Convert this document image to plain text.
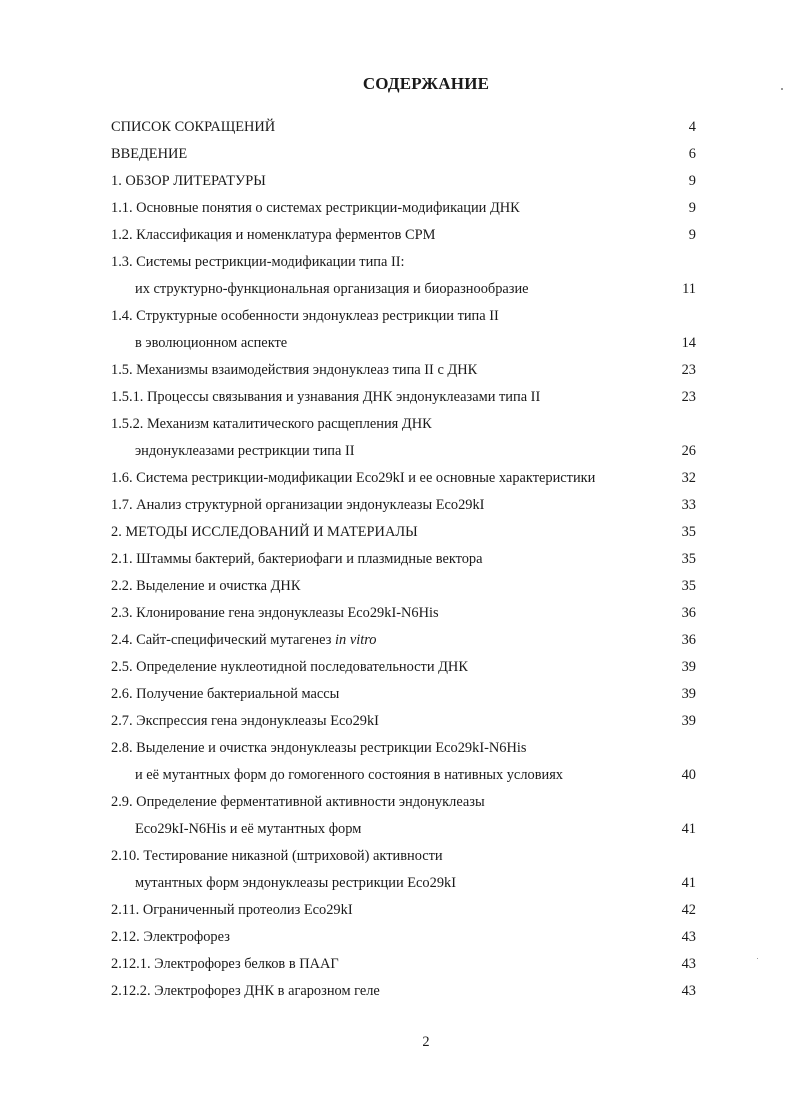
СОДЕРЖАНИЕ
СПИСОК СОКРАЩЕНИЙ	4
ВВЕДЕНИЕ	6
1. ОБЗОР ЛИТЕРАТУРЫ	9
1.1. Основные понятия о системах рестрикции-модификации ДНК	9
1.2. Классификация и номенклатура ферментов СРМ	9
1.3. Системы рестрикции-модификации типа II:
их структурно-функциональная организация и биоразнообразие	11
1.4. Структурные особенности эндонуклеаз рестрикции типа II
в эволюционном аспекте	14
1.5. Механизмы взаимодействия эндонуклеаз типа II с ДНК	23
1.5.1. Процессы связывания и узнавания ДНК эндонуклеазами типа II	23
1.5.2. Механизм каталитического расщепления ДНК
эндонуклеазами рестрикции типа II	26
1.6. Система рестрикции-модификации Eco29kI и ее основные характеристики	32
1.7. Анализ структурной организации эндонуклеазы Eco29kI	33
2. МЕТОДЫ ИССЛЕДОВАНИЙ И МАТЕРИАЛЫ	35
2.1. Штаммы бактерий, бактериофаги и плазмидные вектора	35
2.2. Выделение и очистка ДНК	35
2.3. Клонирование гена эндонуклеазы Eco29kI-N6His	36
2.4. Сайт-специфический мутагенез in vitro	36
2.5. Определение нуклеотидной последовательности ДНК	39
2.6. Получение бактериальной массы	39
2.7. Экспрессия гена эндонуклеазы Eco29kI	39
2.8. Выделение и очистка эндонуклеазы рестрикции Eco29kI-N6His
и её мутантных форм до гомогенного состояния в нативных условиях	40
2.9. Определение ферментативной активности эндонуклеазы
Eco29kI-N6His и её мутантных форм	41
2.10. Тестирование никазной (штриховой) активности
мутантных форм эндонуклеазы рестрикции Eco29kI	41
2.11. Ограниченный протеолиз Eco29kI	42
2.12. Электрофорез	43
2.12.1. Электрофорез белков в ПААГ	43
2.12.2. Электрофорез ДНК в агарозном геле	43
2
